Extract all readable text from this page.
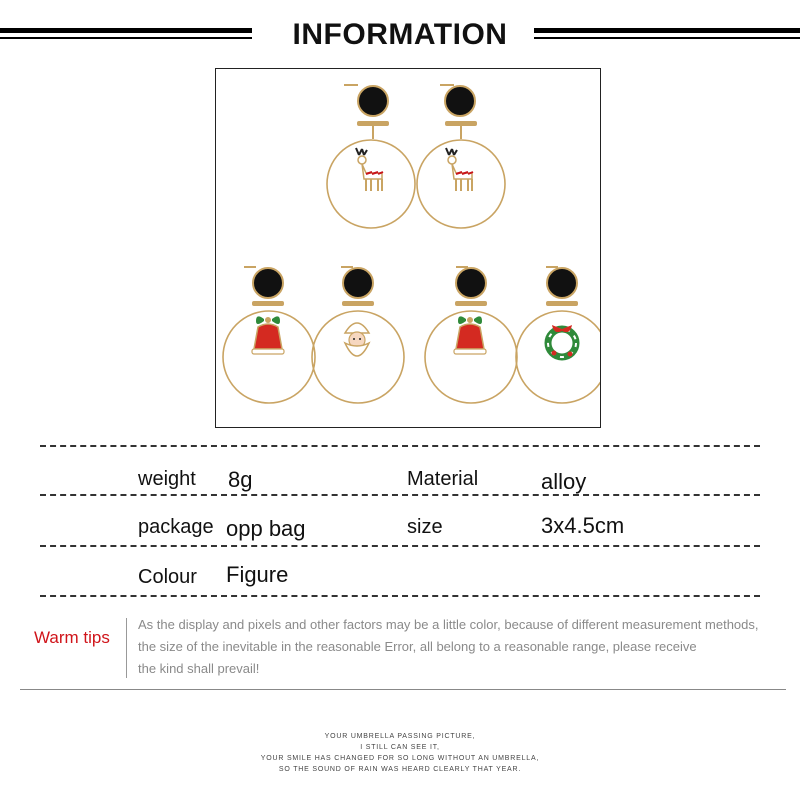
INFORMATION
weight 8g	Material	alloy
package opp bag	size	3x4.5cm
Colour Figure
Warm tips
As the display and pixels and other factors may be a little color, because of different measurement methods,
the size of the inevitable in the reasonable Error, all belong to a reasonable range, please receive
the kind shall prevail!
YOUR UMBRELLA PASSING PICTURE,
I STILL CAN SEE IT,
YOUR SMILE HAS CHANGED FOR SO LONG WITHOUT AN UMBRELLA,
SO THE SOUND OF RAIN WAS HEARD CLEARLY THAT YEAR.
